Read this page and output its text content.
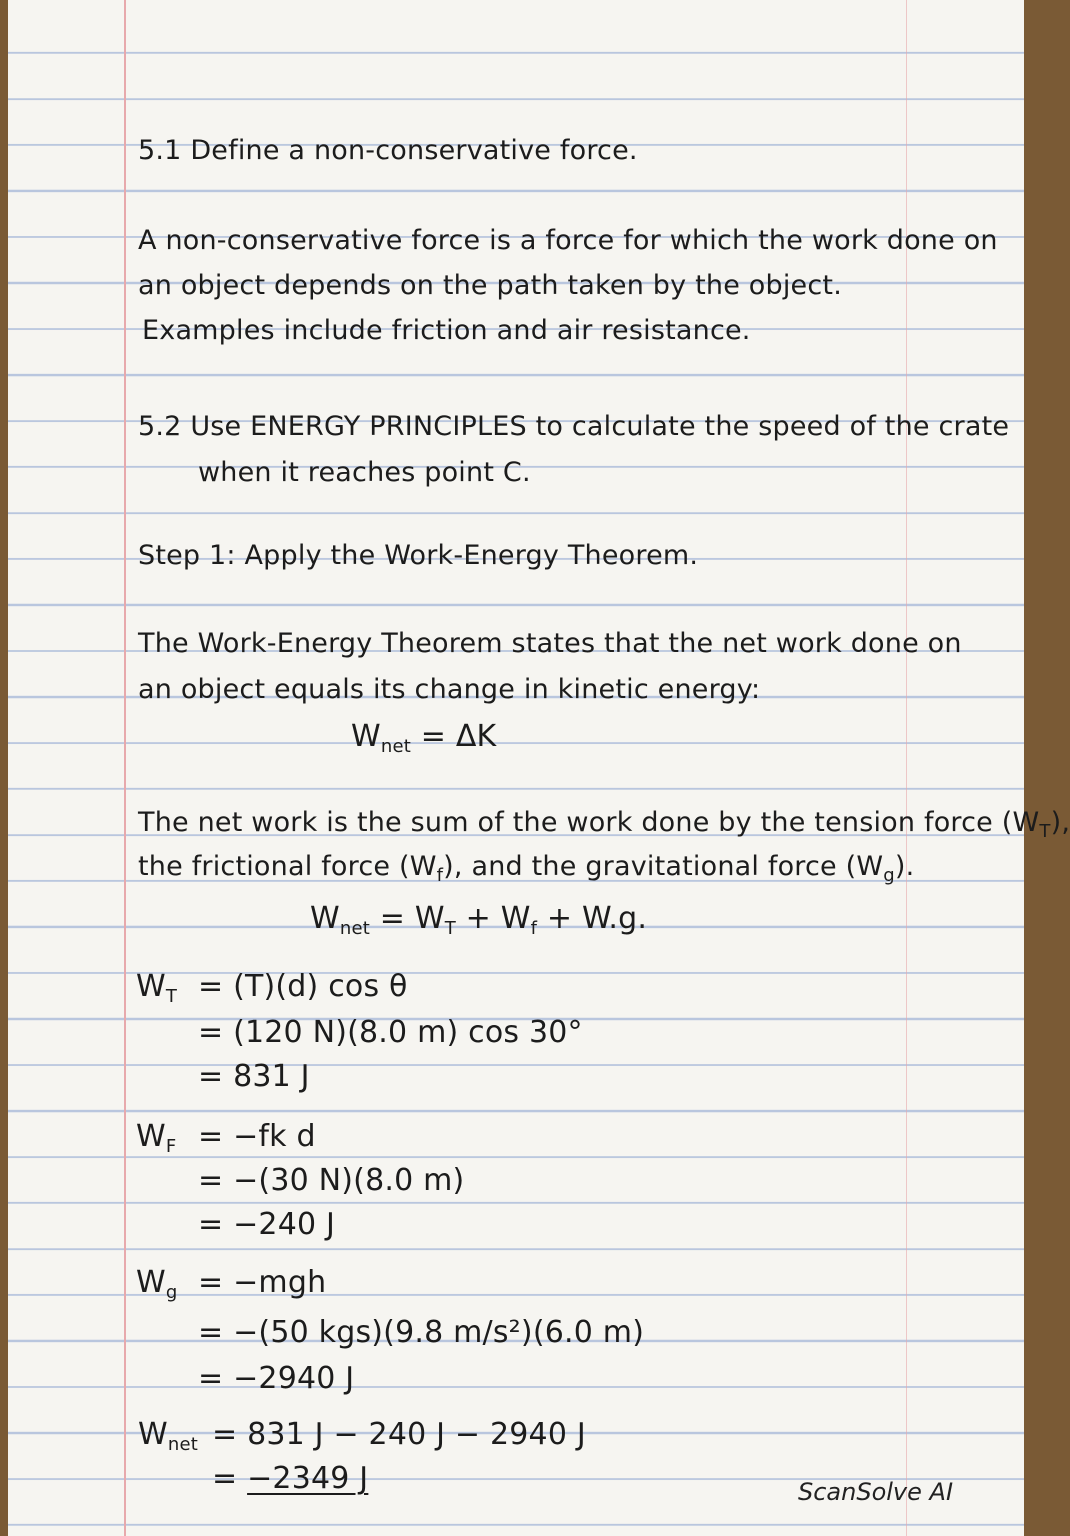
5.1 Define a non-conservative force.

A non-conservative force is a force for which the work done on

an object depends on the path taken by the object.

Examples include friction and air resistance.

5.2 Use ENERGY PRINCIPLES to calculate the speed of the crate

when it reaches point C.

Step 1: Apply the Work-Energy Theorem.

The Work-Energy Theorem states that the net work done on

an object equals its change in kinetic energy:

$W_{net} = \Delta K$

The net work is the sum of the work done by the tension force $(W_T)$,

the frictional force $(W_f)$, and the gravitational force $(W_g)$.

$W_{net} = W_T + W_f + W.g$.

$W_T = (T)(d)$ cos θ

= (120 N)(8.0 m) cos 30°

= 831 J

$W_F = -fk$ d

= −(30 N)(8.0 m)

= −240 J

$W_g = -mgh$

= −(50 kgs)(9.8 m/s²)(6.0 m)

= −2940 J

$W_{net} = 831$ J − 240 J − 2940 J

= −2349 J	ScanSolve AI
